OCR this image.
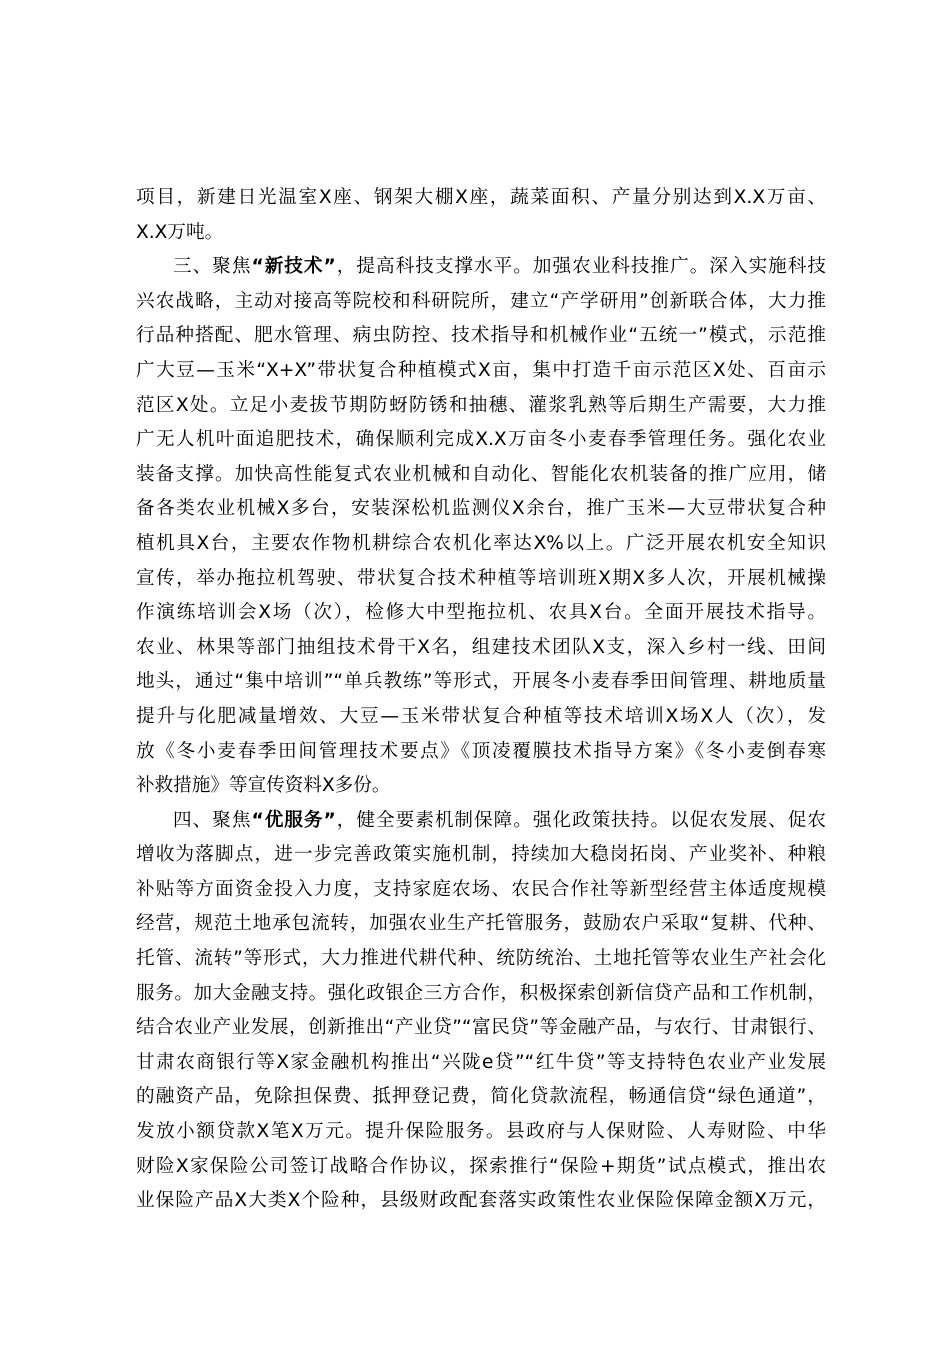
项目，新建日光温室X座、钢架大棚X座，蔬菜面积、产量分别达到X.X万亩、
X.X万吨。
三、聚焦“新技术”，提高科技支撑水平。加强农业科技推广。深入实施科技
兴农战略，主动对接高等院校和科研院所，建立“产学研用”创新联合体，大力推
行品种搭配、肥水管理、病虫防控、技术指导和机械作业“五统一”模式，示范推
广大豆—玉米“X+X”带状复合种植模式X亩，集中打造千亩示范区X处、百亩示
范区X处。立足小麦拔节期防蚜防锈和抽穗、灌浆乳熟等后期生产需要，大力推
广无人机叶面追肥技术，确保顺利完成X.X万亩冬小麦春季管理任务。强化农业
装备支撑。加快高性能复式农业机械和自动化、智能化农机装备的推广应用，储
备各类农业机械X多台，安装深松机监测仪X余台，推广玉米—大豆带状复合种
植机具X台，主要农作物机耕综合农机化率达X%以上。广泛开展农机安全知识
宣传，举办拖拉机驾驶、带状复合技术种植等培训班X期X多人次，开展机械操
作演练培训会X场（次），检修大中型拖拉机、农具X台。全面开展技术指导。
农业、林果等部门抽组技术骨干X名，组建技术团队X支，深入乡村一线、田间
地头，通过“集中培训”“单兵教练”等形式，开展冬小麦春季田间管理、耕地质量
提升与化肥减量增效、大豆—玉米带状复合种植等技术培训X场X人（次），发
放《冬小麦春季田间管理技术要点》《顶凌覆膜技术指导方案》《冬小麦倒春寒
补救措施》等宣传资料X多份。
四、聚焦“优服务”，健全要素机制保障。强化政策扶持。以促农发展、促农
增收为落脚点，进一步完善政策实施机制，持续加大稳岗拓岗、产业奖补、种粮
补贴等方面资金投入力度，支持家庭农场、农民合作社等新型经营主体适度规模
经营，规范土地承包流转，加强农业生产托管服务，鼓励农户采取“复耕、代种、
托管、流转”等形式，大力推进代耕代种、统防统治、土地托管等农业生产社会化
服务。加大金融支持。强化政银企三方合作，积极探索创新信贷产品和工作机制，
结合农业产业发展，创新推出“产业贷”“富民贷”等金融产品，与农行、甘肃银行、
甘肃农商银行等X家金融机构推出“兴陇e贷”“红牛贷”等支持特色农业产业发展
的融资产品，免除担保费、抵押登记费，简化贷款流程，畅通信贷“绿色通道”，
发放小额贷款X笔X万元。提升保险服务。县政府与人保财险、人寿财险、中华
财险X家保险公司签订战略合作协议，探索推行“保险+期货”试点模式，推出农
业保险产品X大类X个险种，县级财政配套落实政策性农业保险保障金额X万元，
